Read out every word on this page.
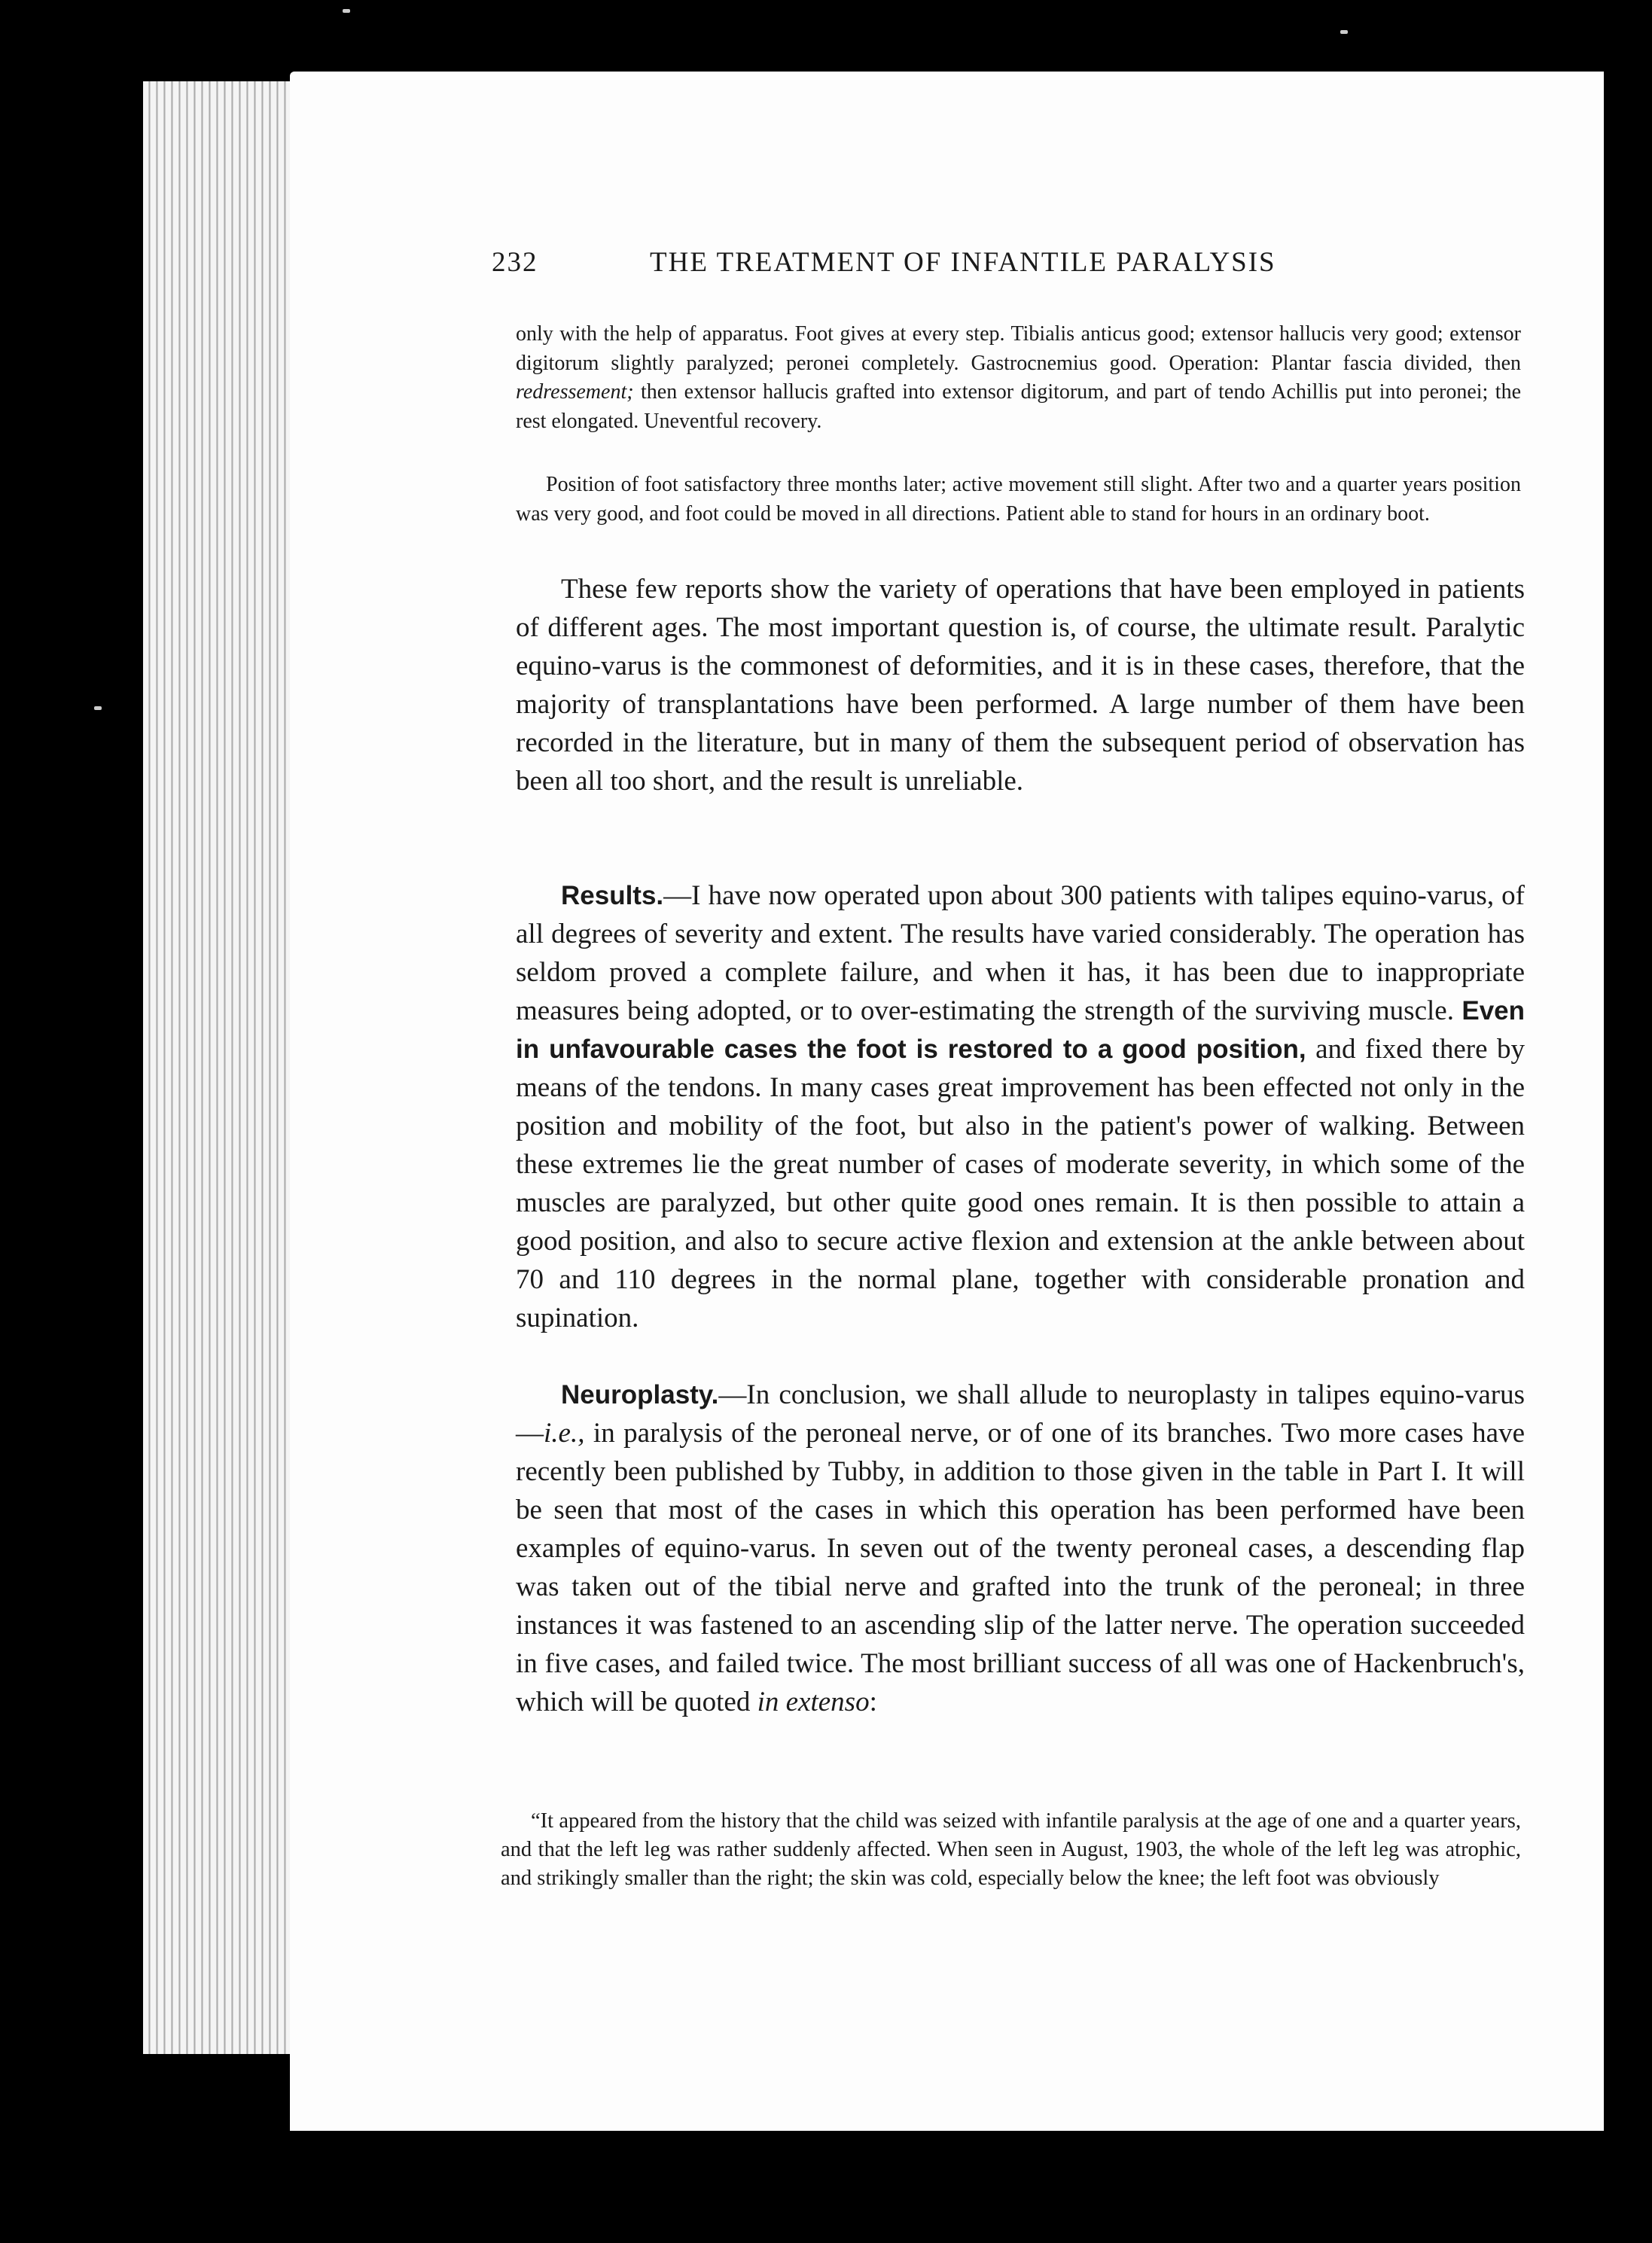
232	THE TREATMENT OF INFANTILE PARALYSIS
only with the help of apparatus. Foot gives at every step. Tibialis anticus good; extensor hallucis very good; extensor digitorum slightly paralyzed; peronei completely. Gastrocnemius good. Operation: Plantar fascia divided, then redressement; then extensor hallucis grafted into extensor digitorum, and part of tendo Achillis put into peronei; the rest elongated. Uneventful recovery.
Position of foot satisfactory three months later; active movement still slight. After two and a quarter years position was very good, and foot could be moved in all directions. Patient able to stand for hours in an ordinary boot.
These few reports show the variety of operations that have been employed in patients of different ages. The most important question is, of course, the ultimate result. Paralytic equino-varus is the commonest of deformities, and it is in these cases, therefore, that the majority of transplantations have been performed. A large number of them have been recorded in the literature, but in many of them the subsequent period of observation has been all too short, and the result is unreliable.
Results.—I have now operated upon about 300 patients with talipes equino-varus, of all degrees of severity and extent. The results have varied considerably. The operation has seldom proved a complete failure, and when it has, it has been due to inappropriate measures being adopted, or to over-estimating the strength of the surviving muscle. Even in unfavourable cases the foot is restored to a good position, and fixed there by means of the tendons. In many cases great improvement has been effected not only in the position and mobility of the foot, but also in the patient's power of walking. Between these extremes lie the great number of cases of moderate severity, in which some of the muscles are paralyzed, but other quite good ones remain. It is then possible to attain a good position, and also to secure active flexion and extension at the ankle between about 70 and 110 degrees in the normal plane, together with considerable pronation and supination.
Neuroplasty.—In conclusion, we shall allude to neuroplasty in talipes equino-varus—i.e., in paralysis of the peroneal nerve, or of one of its branches. Two more cases have recently been published by Tubby, in addition to those given in the table in Part I. It will be seen that most of the cases in which this operation has been performed have been examples of equino-varus. In seven out of the twenty peroneal cases, a descending flap was taken out of the tibial nerve and grafted into the trunk of the peroneal; in three instances it was fastened to an ascending slip of the latter nerve. The operation succeeded in five cases, and failed twice. The most brilliant success of all was one of Hackenbruch's, which will be quoted in extenso:
“It appeared from the history that the child was seized with infantile paralysis at the age of one and a quarter years, and that the left leg was rather suddenly affected. When seen in August, 1903, the whole of the left leg was atrophic, and strikingly smaller than the right; the skin was cold, especially below the knee; the left foot was obviously
